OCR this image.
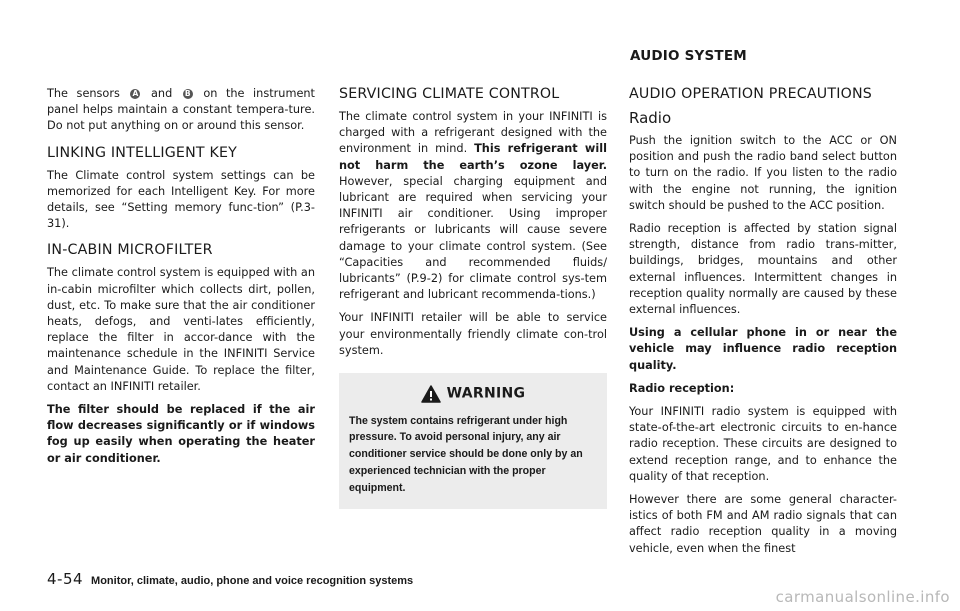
AUDIO SYSTEM

The sensors A and B on the instrument panel helps maintain a constant tempera-ture. Do not put anything on or around this sensor.

LINKING INTELLIGENT KEY

The Climate control system settings can be memorized for each Intelligent Key. For more details, see “Setting memory func-tion” (P.3-31).

IN-CABIN MICROFILTER

The climate control system is equipped with an in-cabin microfilter which collects dirt, pollen, dust, etc. To make sure that the air conditioner heats, defogs, and venti-lates efficiently, replace the filter in accor-dance with the maintenance schedule in the INFINITI Service and Maintenance Guide. To replace the filter, contact an INFINITI retailer.

The filter should be replaced if the air flow decreases significantly or if windows fog up easily when operating the heater or air conditioner.

SERVICING CLIMATE CONTROL

The climate control system in your INFINITI is charged with a refrigerant designed with the environment in mind. This refrigerant will not harm the earth’s ozone layer. However, special charging equipment and lubricant are required when servicing your INFINITI air conditioner. Using improper refrigerants or lubricants will cause severe damage to your climate control system. (See “Capacities and recommended fluids/ lubricants” (P.9-2) for climate control sys-tem refrigerant and lubricant recommenda-tions.)

Your INFINITI retailer will be able to service your environmentally friendly climate con-trol system.

WARNING

The system contains refrigerant under high pressure. To avoid personal injury, any air conditioner service should be done only by an experienced technician with the proper equipment.

AUDIO OPERATION PRECAUTIONS
Radio

Push the ignition switch to the ACC or ON position and push the radio band select button to turn on the radio. If you listen to the radio with the engine not running, the ignition switch should be pushed to the ACC position.

Radio reception is affected by station signal strength, distance from radio trans-mitter, buildings, bridges, mountains and other external influences. Intermittent changes in reception quality normally are caused by these external influences.

Using a cellular phone in or near the vehicle may influence radio reception quality.

Radio reception:

Your INFINITI radio system is equipped with state-of-the-art electronic circuits to en-hance radio reception. These circuits are designed to extend reception range, and to enhance the quality of that reception.

However there are some general character-istics of both FM and AM radio signals that can affect radio reception quality in a moving vehicle, even when the finest

4-54 Monitor, climate, audio, phone and voice recognition systems
carmanualsonline.info
